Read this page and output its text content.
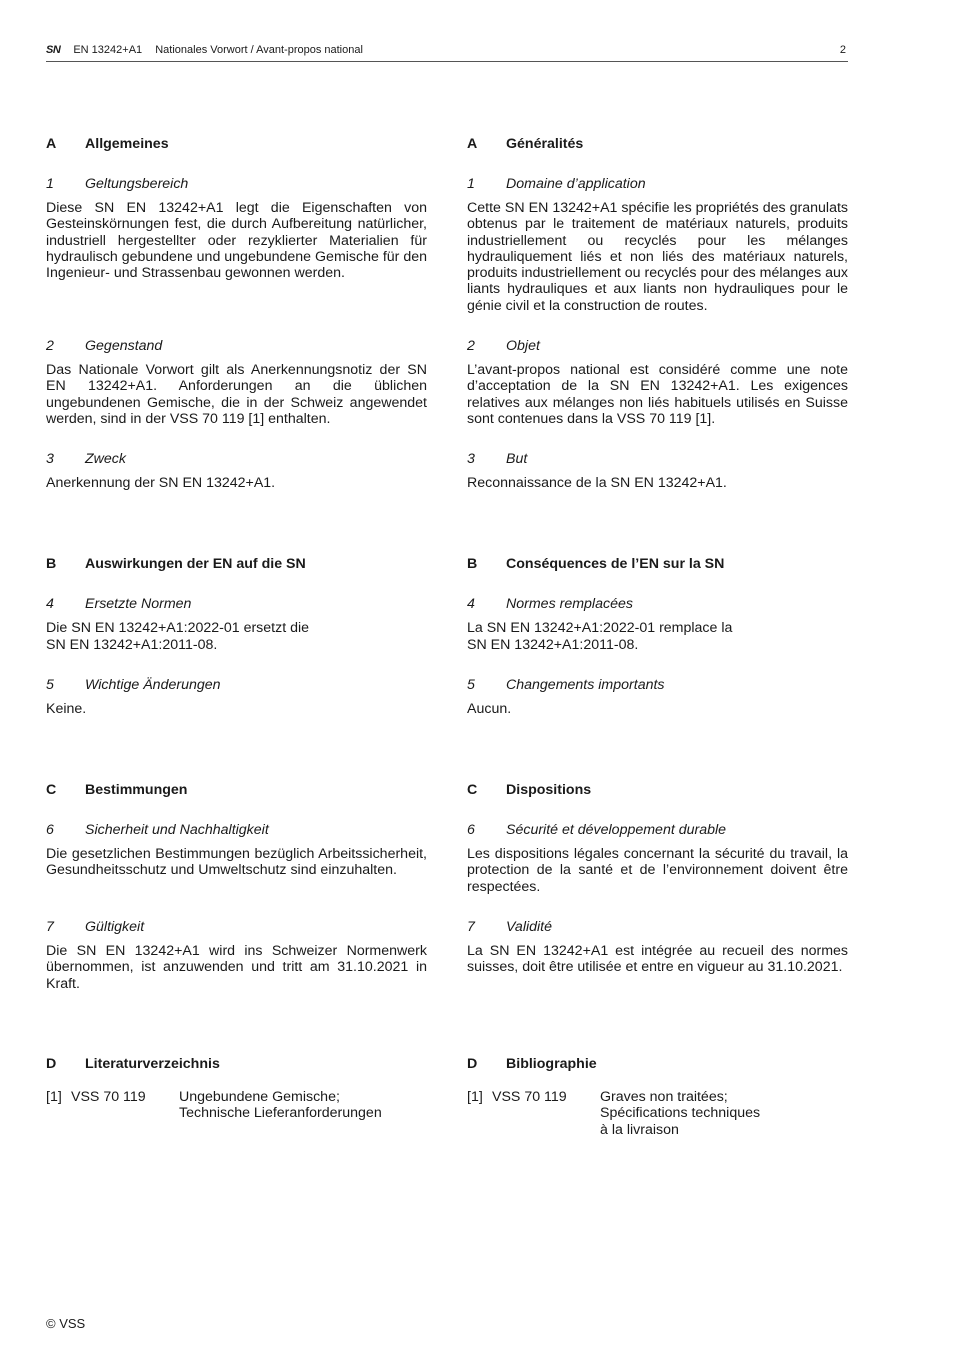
SN EN 13242+A1 Nationales Vorwort / Avant-propos national	2
A Allgemeines
1 Geltungsbereich
Diese SN EN 13242+A1 legt die Eigenschaften von Gesteinskörnungen fest, die durch Aufbereitung natürlicher, industriell hergestellter oder rezyklierter Materialien für hydraulisch gebundene und ungebundene Gemische für den Ingenieur- und Strassenbau gewonnen werden.
2 Gegenstand
Das Nationale Vorwort gilt als Anerkennungsnotiz der SN EN 13242+A1. Anforderungen an die üblichen ungebundenen Gemische, die in der Schweiz angewendet werden, sind in der VSS 70 119 [1] enthalten.
3 Zweck
Anerkennung der SN EN 13242+A1.
B Auswirkungen der EN auf die SN
4 Ersetzte Normen
Die SN EN 13242+A1:2022-01 ersetzt die
SN EN 13242+A1:2011-08.
5 Wichtige Änderungen
Keine.
C Bestimmungen
6 Sicherheit und Nachhaltigkeit
Die gesetzlichen Bestimmungen bezüglich Arbeitssicherheit, Gesundheitsschutz und Umweltschutz sind einzuhalten.
7 Gültigkeit
Die SN EN 13242+A1 wird ins Schweizer Normenwerk übernommen, ist anzuwenden und tritt am 31.10.2021 in Kraft.
D Literaturverzeichnis
[1] VSS 70 119 Ungebundene Gemische;
Technische Lieferanforderungen
A Généralités
1 Domaine d’application
Cette SN EN 13242+A1 spécifie les propriétés des granulats obtenus par le traitement de matériaux naturels, produits industriellement ou recyclés pour les mélanges hydrauliquement liés et non liés des matériaux naturels, produits industriellement ou recyclés pour des mélanges aux liants hydrauliques et aux liants non hydrauliques pour le génie civil et la construction de routes.
2 Objet
L’avant-propos national est considéré comme une note d’acceptation de la SN EN 13242+A1. Les exigences relatives aux mélanges non liés habituels utilisés en Suisse sont contenues dans la VSS 70 119 [1].
3 But
Reconnaissance de la SN EN 13242+A1.
B Conséquences de l’EN sur la SN
4 Normes remplacées
La SN EN 13242+A1:2022-01 remplace la
SN EN 13242+A1:2011-08.
5 Changements importants
Aucun.
C Dispositions
6 Sécurité et développement durable
Les dispositions légales concernant la sécurité du travail, la protection de la santé et de l’environnement doivent être respectées.
7 Validité
La SN EN 13242+A1 est intégrée au recueil des normes suisses, doit être utilisée et entre en vigueur au 31.10.2021.
D Bibliographie
[1] VSS 70 119 Graves non traitées;
Spécifications techniques
à la livraison
© VSS
